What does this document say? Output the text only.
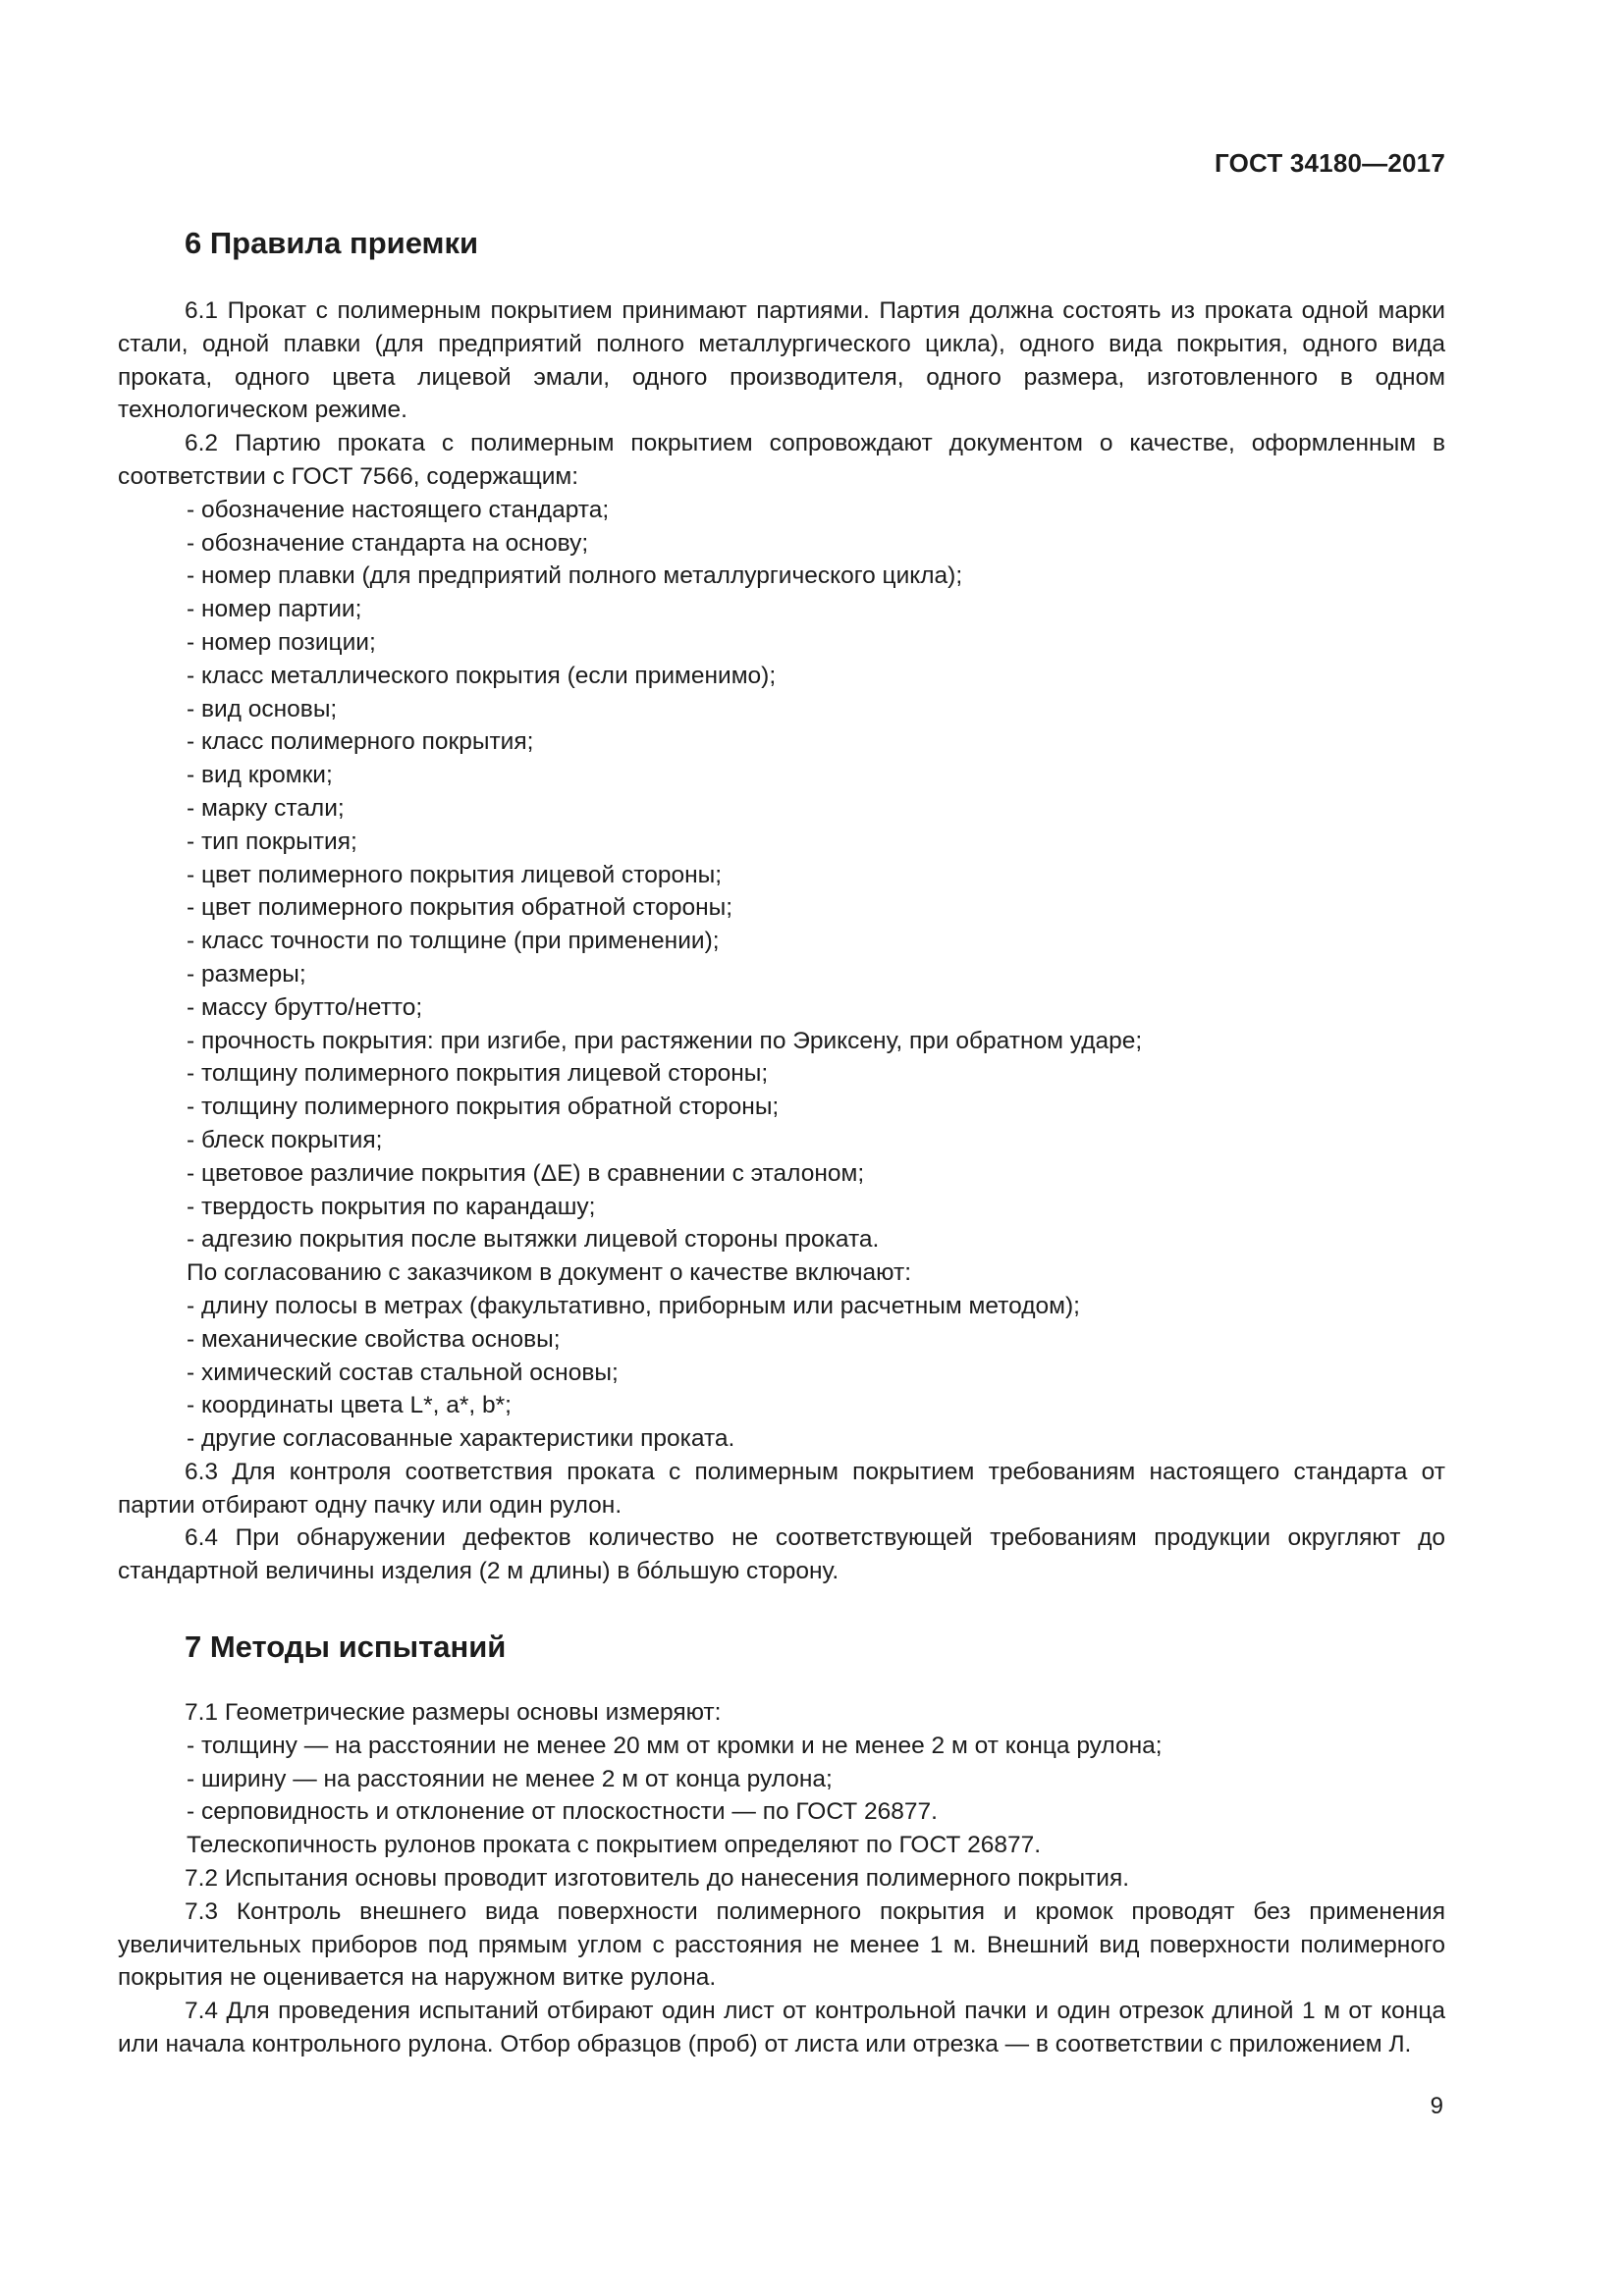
ГОСТ 34180—2017
6 Правила приемки

6.1 Прокат с полимерным покрытием принимают партиями. Партия должна состоять из проката одной марки стали, одной плавки (для предприятий полного металлургического цикла), одного вида покрытия, одного вида проката, одного цвета лицевой эмали, одного производителя, одного размера, изготовленного в одном технологическом режиме.

6.2 Партию проката с полимерным покрытием сопровождают документом о качестве, оформленным в соответствии с ГОСТ 7566, содержащим:

- обозначение настоящего стандарта;

- обозначение стандарта на основу;

- номер плавки (для предприятий полного металлургического цикла);

- номер партии;

- номер позиции;

- класс металлического покрытия (если применимо);

- вид основы;

- класс полимерного покрытия;

- вид кромки;

- марку стали;

- тип покрытия;

- цвет полимерного покрытия лицевой стороны;

- цвет полимерного покрытия обратной стороны;

- класс точности по толщине (при применении);

- размеры;

- массу брутто/нетто;

- прочность покрытия: при изгибе, при растяжении по Эриксену, при обратном ударе;

- толщину полимерного покрытия лицевой стороны;

- толщину полимерного покрытия обратной стороны;

- блеск покрытия;

- цветовое различие покрытия (ΔE) в сравнении с эталоном;

- твердость покрытия по карандашу;

- адгезию покрытия после вытяжки лицевой стороны проката.

По согласованию с заказчиком в документ о качестве включают:

- длину полосы в метрах (факультативно, приборным или расчетным методом);

- механические свойства основы;

- химический состав стальной основы;

- координаты цвета L*, a*, b*;

- другие согласованные характеристики проката.

6.3 Для контроля соответствия проката с полимерным покрытием требованиям настоящего стандарта от партии отбирают одну пачку или один рулон.

6.4 При обнаружении дефектов количество не соответствующей требованиям продукции округляют до стандартной величины изделия (2 м длины) в бóльшую сторону.

7 Методы испытаний

7.1 Геометрические размеры основы измеряют:

- толщину — на расстоянии не менее 20 мм от кромки и не менее 2 м от конца рулона;

- ширину — на расстоянии не менее 2 м от конца рулона;

- серповидность и отклонение от плоскостности — по ГОСТ 26877.

Телескопичность рулонов проката с покрытием определяют по ГОСТ 26877.

7.2 Испытания основы проводит изготовитель до нанесения полимерного покрытия.

7.3 Контроль внешнего вида поверхности полимерного покрытия и кромок проводят без применения увеличительных приборов под прямым углом с расстояния не менее 1 м. Внешний вид поверхности полимерного покрытия не оценивается на наружном витке рулона.

7.4 Для проведения испытаний отбирают один лист от контрольной пачки и один отрезок длиной 1 м от конца или начала контрольного рулона. Отбор образцов (проб) от листа или отрезка — в соответствии с приложением Л.

9
